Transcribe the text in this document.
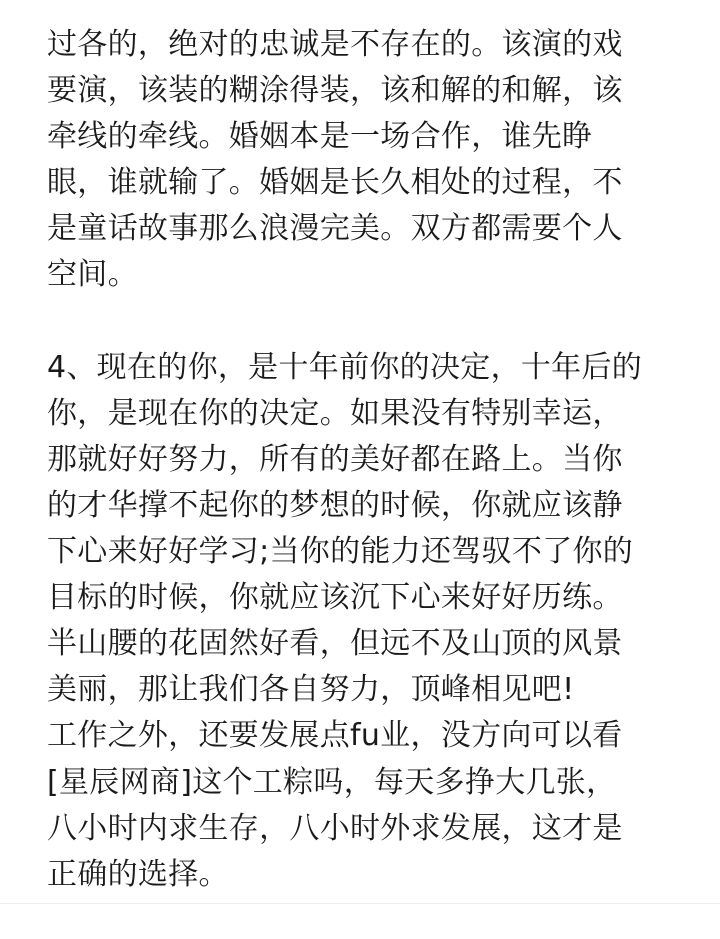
过各的，绝对的忠诚是不存在的。该演的戏
要演，该装的糊涂得装，该和解的和解，该
牵线的牵线。婚姻本是一场合作，谁先睁
眼，谁就输了。婚姻是长久相处的过程，不
是童话故事那么浪漫完美。双方都需要个人
空间。
4、现在的你，是十年前你的决定，十年后的
你，是现在你的决定。如果没有特别幸运，
那就好好努力，所有的美好都在路上。当你
的才华撑不起你的梦想的时候，你就应该静
下心来好好学习;当你的能力还驾驭不了你的
目标的时候，你就应该沉下心来好好历练。
半山腰的花固然好看，但远不及山顶的风景
美丽，那让我们各自努力，顶峰相见吧!
工作之外，还要发展点fu业，没方向可以看
[星辰网商]这个工粽吗，每天多挣大几张，
八小时内求生存，八小时外求发展，这才是
正确的选择。
